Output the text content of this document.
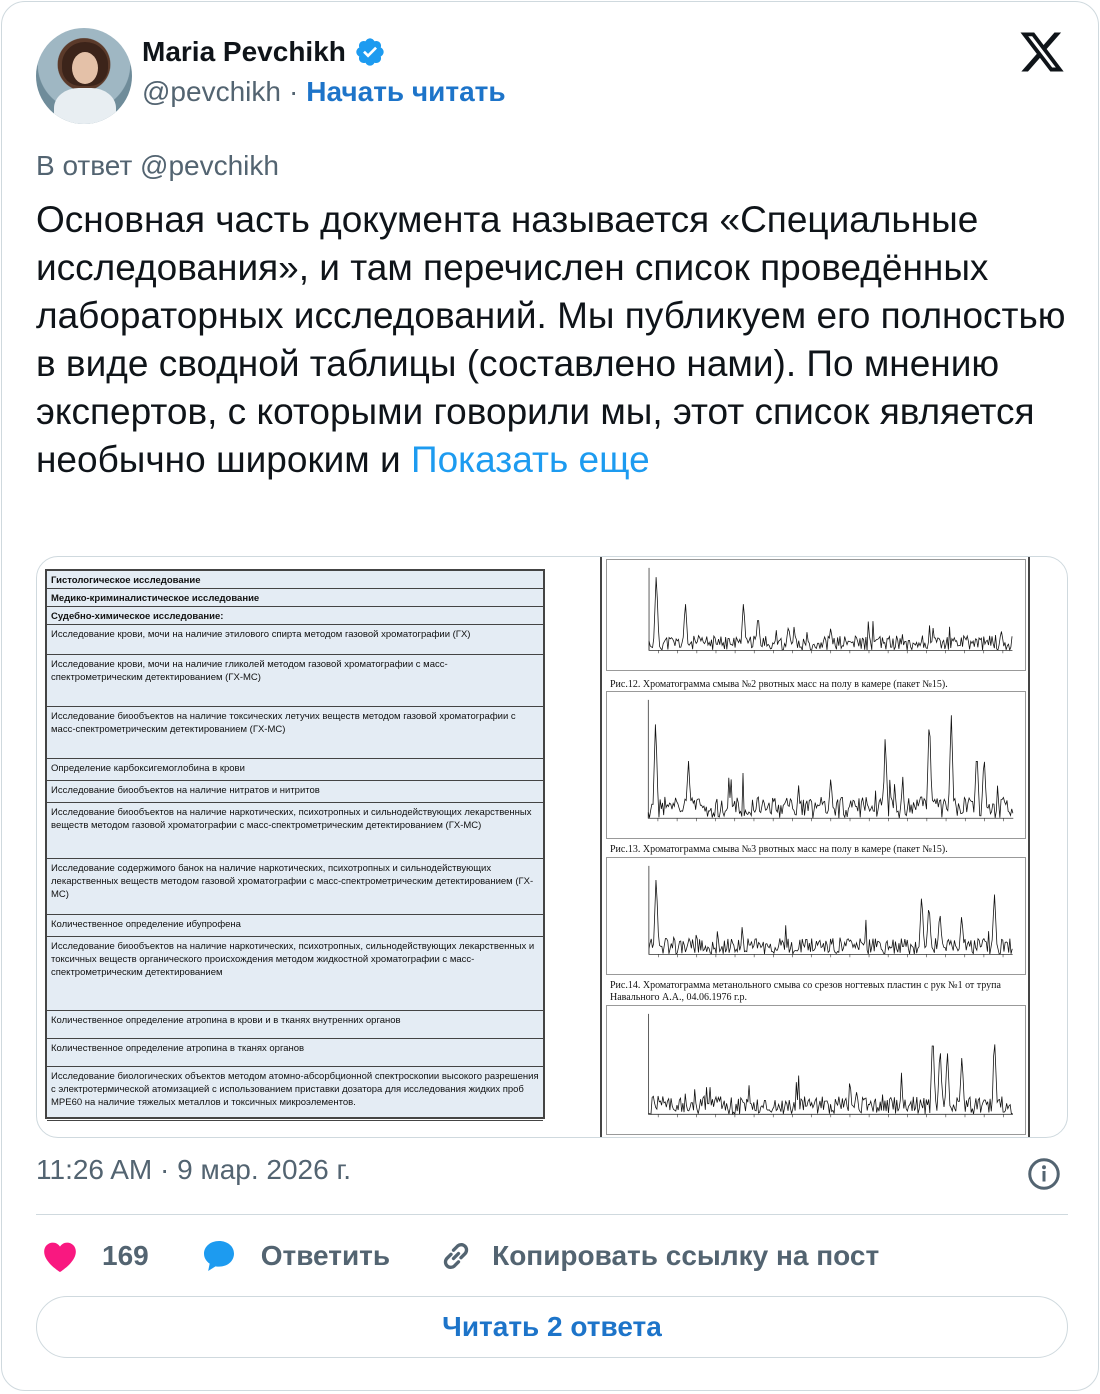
Maria Pevchikh
@pevchikh · Начать читать
В ответ @pevchikh
Основная часть документа называется «Специальные исследования», и там перечислен список проведённых лабораторных исследований. Мы публикуем его полностью в виде сводной таблицы (составлено нами). По мнению экспертов, с которыми говорили мы, этот список является необычно широким и Показать еще
Гистологическое исследование
Медико-криминалистическое исследование
Судебно-химическое исследование:
Исследование крови, мочи на наличие этилового спирта методом газовой хроматографии (ГХ)
Исследование крови, мочи на наличие гликолей методом газовой хроматографии с масс-спектрометрическим детектированием (ГХ-МС)
Исследование биообъектов на наличие токсических летучих веществ методом газовой хроматографии с масс-спектрометрическим детектированием (ГХ-МС)
Определение карбоксигемоглобина в крови
Исследование биообъектов на наличие нитратов и нитритов
Исследование биообъектов на наличие наркотических, психотропных и сильнодействующих лекарственных веществ методом газовой хроматографии с масс-спектрометрическим детектированием (ГХ-МС)
Исследование содержимого банок на наличие наркотических, психотропных и сильнодействующих лекарственных веществ методом газовой хроматографии с масс-спектрометрическим детектированием (ГХ-МС)
Количественное определение ибупрофена
Исследование биообъектов на наличие наркотических, психотропных, сильнодействующих лекарственных и токсичных веществ органического происхождения методом жидкостной хроматографии с масс-спектрометрическим детектированием
Количественное определение атропина в крови и в тканях внутренних органов
Количественное определение атропина в тканях органов
Исследование биологических объектов методом атомно-абсорбционной спектроскопии высокого разрешения с электротермической атомизацией с использованием приставки дозатора для исследования жидких проб МРЕ60 на наличие тяжелых металлов и токсичных микроэлементов.
Рис.12. Хроматограмма смыва №2 рвотных масс на полу в камере (пакет №15).
Рис.13. Хроматограмма смыва №3 рвотных масс на полу в камере (пакет №15).
Рис.14. Хроматограмма метанольного смыва со срезов ногтевых пластин с рук №1 от трупа Навального А.А., 04.06.1976 г.р.
11:26 AM · 9 мар. 2026 г.
169	Ответить	Копировать ссылку на пост
Читать 2 ответа
